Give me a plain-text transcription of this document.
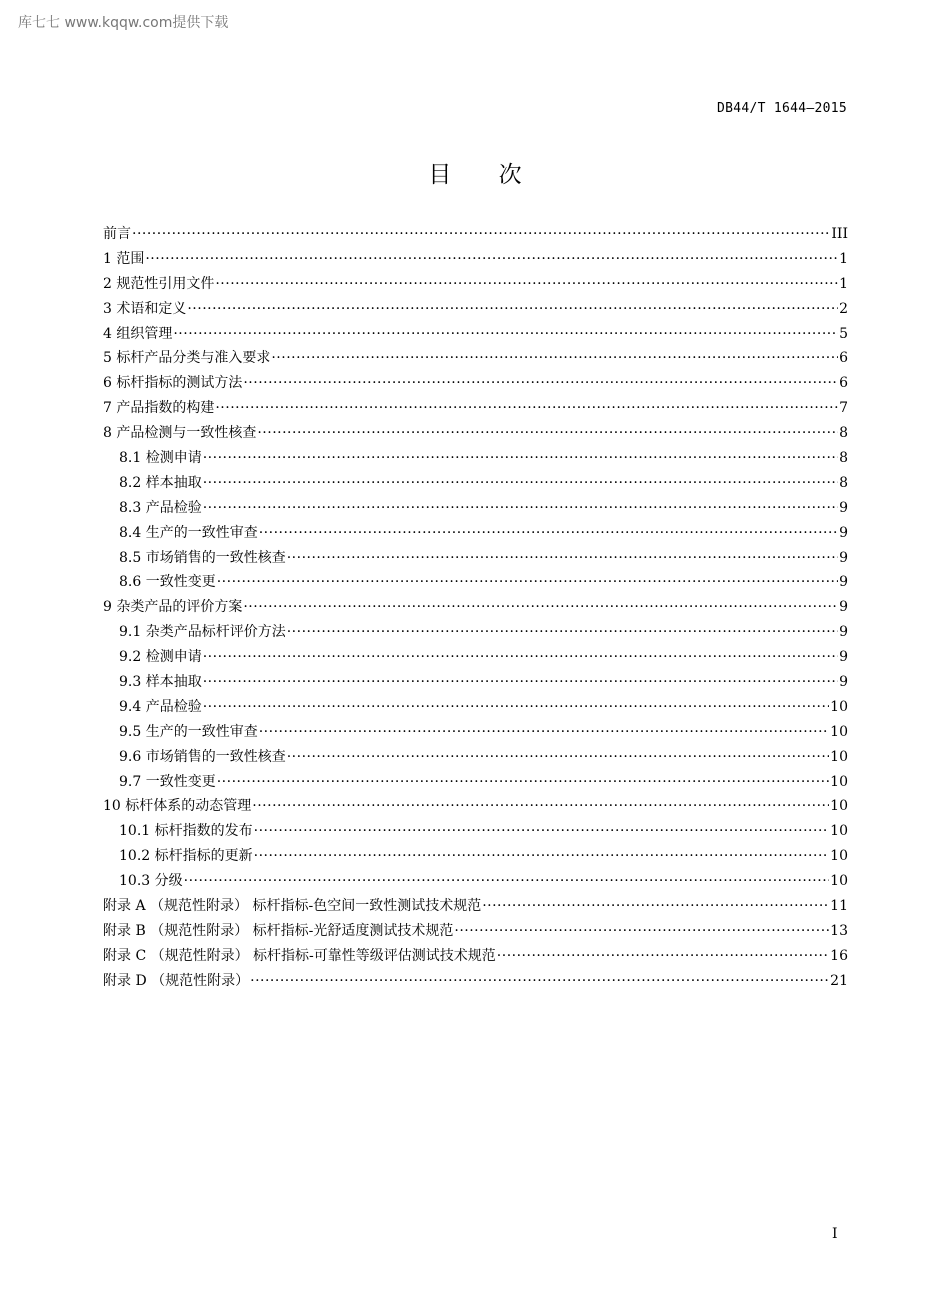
库七七 www.kqqw.com提供下载
DB44/T 1644—2015
目 次
前言 ·····	III
1 范围 ·····	1
2 规范性引用文件 ·····	1
3 术语和定义 ·····	2
4 组织管理 ·····	5
5 标杆产品分类与准入要求 ·····	6
6 标杆指标的测试方法 ·····	6
7 产品指数的构建 ·····	7
8 产品检测与一致性核查 ·····	8
8.1 检测申请 ·····	8
8.2 样本抽取 ·····	8
8.3 产品检验 ·····	9
8.4 生产的一致性审查 ·····	9
8.5 市场销售的一致性核查 ·····	9
8.6 一致性变更 ·····	9
9 杂类产品的评价方案 ·····	9
9.1 杂类产品标杆评价方法 ·····	9
9.2 检测申请 ·····	9
9.3 样本抽取 ·····	9
9.4 产品检验 ·····	10
9.5 生产的一致性审查 ·····	10
9.6 市场销售的一致性核查 ·····	10
9.7 一致性变更 ·····	10
10 标杆体系的动态管理 ·····	10
10.1 标杆指数的发布 ·····	10
10.2 标杆指标的更新 ·····	10
10.3 分级 ·····	10
附录 A （规范性附录） 标杆指标-色空间一致性测试技术规范 ·····	11
附录 B （规范性附录） 标杆指标-光舒适度测试技术规范 ·····	13
附录 C （规范性附录） 标杆指标-可靠性等级评估测试技术规范 ·····	16
附录 D （规范性附录） ·····	21
I
